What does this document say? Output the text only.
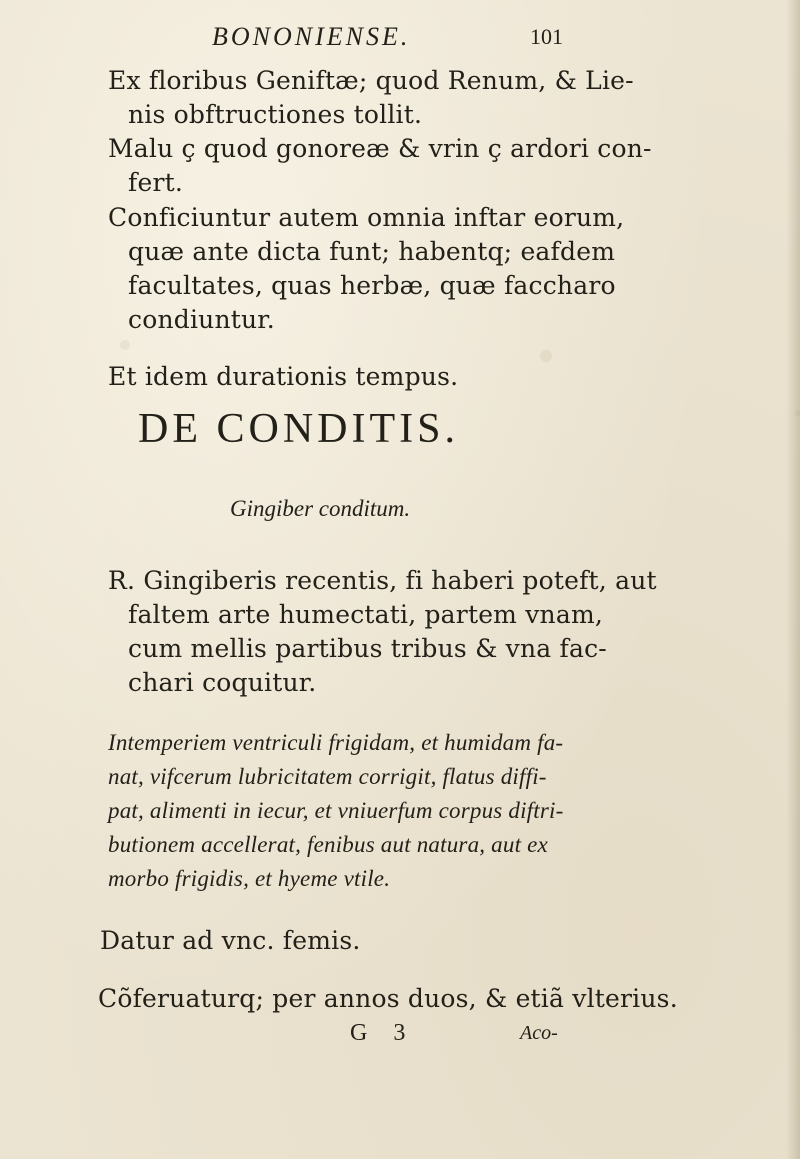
BONONIENSE.	101
Ex floribus Geniftæ; quod Renum, & Lie-
nis obftructiones tollit.
Malu ç quod gonoreæ & vrin ç ardori con-
fert.
Conficiuntur autem omnia inftar eorum,
quæ ante dicta funt; habentq; eafdem
facultates, quas herbæ, quæ faccharo
condiuntur.
Et idem durationis tempus.
DE CONDITIS.
Gingiber conditum.
R. Gingiberis recentis, fi haberi poteft, aut
faltem arte humectati, partem vnam,
cum mellis partibus tribus & vna fac-
chari coquitur.
Intemperiem ventriculi frigidam, et humidam fa-
nat, vifcerum lubricitatem corrigit, flatus diffi-
pat, alimenti in iecur, et vniuerfum corpus diftri-
butionem accellerat, fenibus aut natura, aut ex
morbo frigidis, et hyeme vtile.
Datur ad vnc. femis.
Cõferuaturq; per annos duos, & etiã vlterius.
G 3	Aco-
